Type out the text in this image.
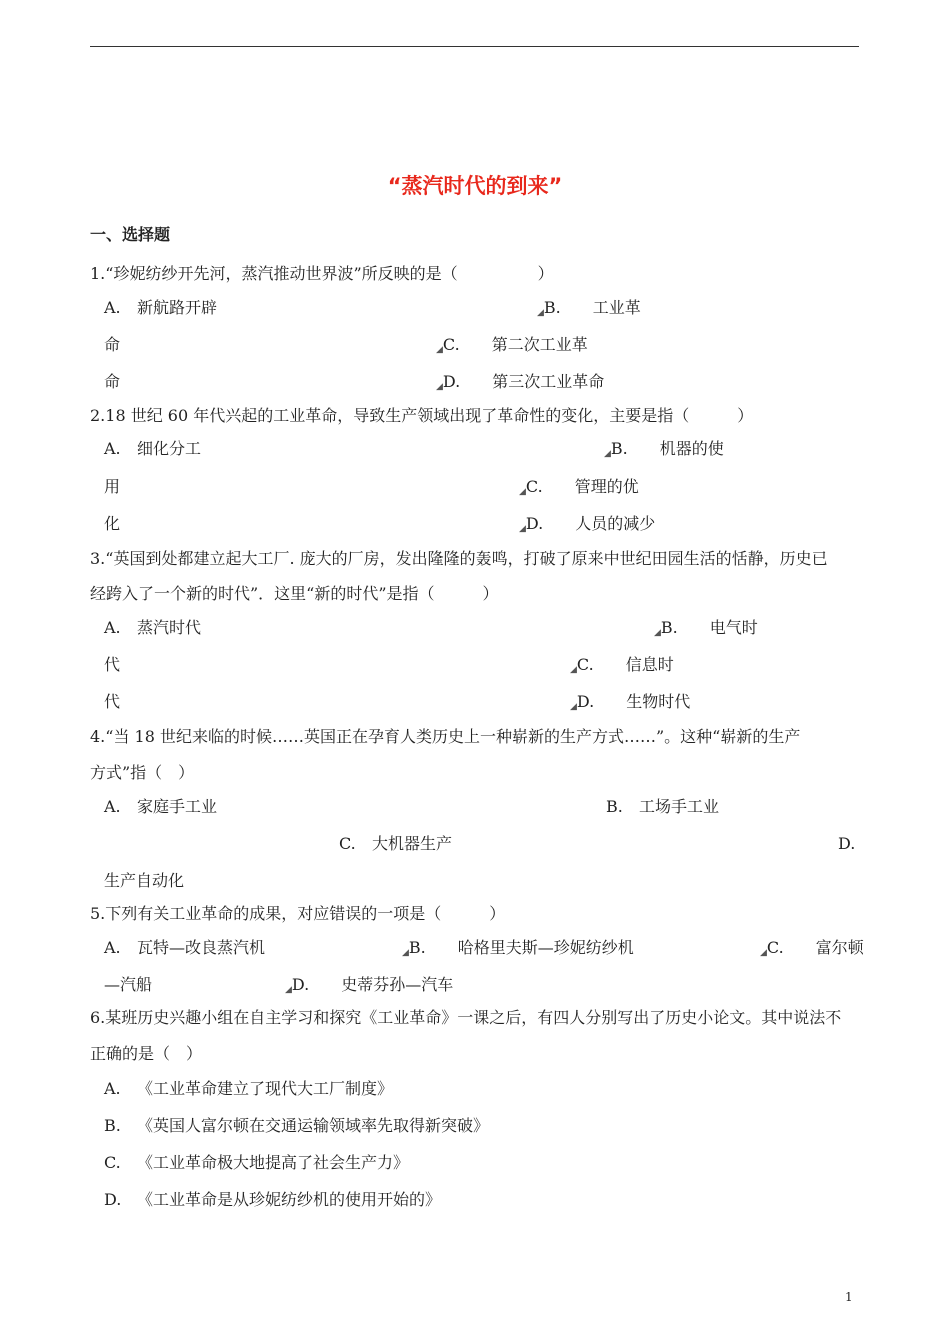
“蒸汽时代的到来”
一、选择题
1.“珍妮纺纱开先河，蒸汽推动世界波”所反映的是（　　　　　）
A. 新航路开辟	◢B.　　 工业革
命	◢C.　　 第二次工业革
命	◢D.　　 第三次工业革命
2.18 世纪 60 年代兴起的工业革命，导致生产领域出现了革命性的变化，主要是指（　　　）
A. 细化分工	◢B.　　 机器的使
用	◢C.　　 管理的优
化	◢D.　　 人员的减少
3.“英国到处都建立起大工厂. 庞大的厂房，发出隆隆的轰鸣，打破了原来中世纪田园生活的恬静，历史已
经跨入了一个新的时代”．这里“新的时代”是指（　　　）
A. 蒸汽时代	◢B.　　 电气时
代	◢C.　　 信息时
代	◢D.　　 生物时代
4.“当 18 世纪来临的时候……英国正在孕育人类历史上一种崭新的生产方式……”。这种“崭新的生产
方式”指（　）
A. 家庭手工业	B. 工场手工业
C. 大机器生产	D.
生产自动化
5.下列有关工业革命的成果，对应错误的一项是（　　　）
A. 瓦特—改良蒸汽机	◢B.　　 哈格里夫斯—珍妮纺纱机	◢C.　　 富尔顿
—汽船	◢D.　　 史蒂芬孙—汽车
6.某班历史兴趣小组在自主学习和探究《工业革命》一课之后，有四人分别写出了历史小论文。其中说法不
正确的是（　）
A. 《工业革命建立了现代大工厂制度》
B. 《英国人富尔顿在交通运输领域率先取得新突破》
C. 《工业革命极大地提高了社会生产力》
D. 《工业革命是从珍妮纺纱机的使用开始的》
1
